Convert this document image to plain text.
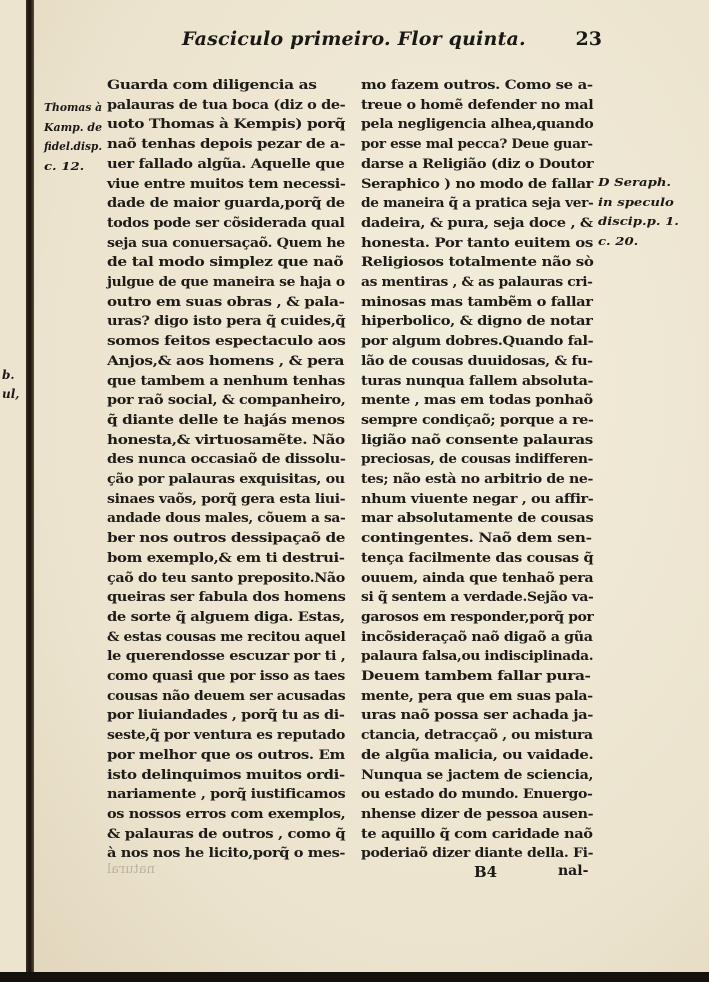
b.
ul,
Fasciculo primeiro. Flor quinta.	23
Thomas à
Kamp. de
fidel.disp.
c. 12.
Guarda com diligencia as
palauras de tua boca (diz o de-
uoto Thomas à Kempis) porq̃
naõ tenhas depois pezar de a-
uer fallado algũa. Aquelle que
viue entre muitos tem necessi-
dade de maior guarda,porq̃ de
todos pode ser cõsiderada qual
seja sua conuersaçaõ. Quem he
de tal modo simplez que naõ
julgue de que maneira se haja o
outro em suas obras , & pala-
uras? digo isto pera q̃ cuides,q̃
somos feitos espectaculo aos
Anjos,& aos homens , & pera
que tambem a nenhum tenhas
por raõ social, & companheiro,
q̃ diante delle te hajás menos
honesta,& virtuosamẽte. Não
des nunca occasiaõ de dissolu-
ção por palauras exquisitas, ou
sinaes vaõs, porq̃ gera esta liui-
andade dous males, cõuem a sa-
ber nos outros dessipaçaõ de
bom exemplo,& em ti destrui-
çaõ do teu santo preposito.Não
queiras ser fabula dos homens
de sorte q̃ alguem diga. Estas,
& estas cousas me recitou aquel
le querendosse escuzar por ti ,
como quasi que por isso as taes
cousas não deuem ser acusadas
por liuiandades , porq̃ tu as di-
seste,q̃ por ventura es reputado
por melhor que os outros. Em
isto delinquimos muitos ordi-
nariamente , porq̃ iustificamos
os nossos erros com exemplos,
& palauras de outros , como q̃
à nos nos he licito,porq̃ o mes-
mo fazem outros. Como se a-
treue o homẽ defender no mal
pela negligencia alhea,quando
por esse mal pecca? Deue guar-
darse a Religião (diz o Doutor
Seraphico ) no modo de fallar
de maneira q̃ a pratica seja ver-
dadeira, & pura, seja doce , &
honesta. Por tanto euitem os
Religiosos totalmente não sò
as mentiras , & as palauras cri-
minosas mas tambẽm o fallar
hiperbolico, & digno de notar
por algum dobres.Quando fal-
lão de cousas duuidosas, & fu-
turas nunqua fallem absoluta-
mente , mas em todas ponhaõ
sempre condiçaõ; porque a re-
ligião naõ consente palauras
preciosas, de cousas indifferen-
tes; não està no arbitrio de ne-
nhum viuente negar , ou affir-
mar absolutamente de cousas
contingentes. Naõ dem sen-
tença facilmente das cousas q̃
ouuem, ainda que tenhaõ pera
si q̃ sentem a verdade.Sejão va-
garosos em responder,porq̃ por
incõsideraçaõ naõ digaõ a gũa
palaura falsa,ou indisciplinada.
Deuem tambem fallar pura-
mente, pera que em suas pala-
uras naõ possa ser achada ja-
ctancia, detracçaõ , ou mistura
de algũa malicia, ou vaidade.
Nunqua se jactem de sciencia,
ou estado do mundo. Enuergo-
nhense dizer de pessoa ausen-
te aquillo q̃ com caridade naõ
poderiaõ dizer diante della. Fi-
D Seraph.
in speculo
discip.p. 1.
c. 20.
natural	B4	nal-
